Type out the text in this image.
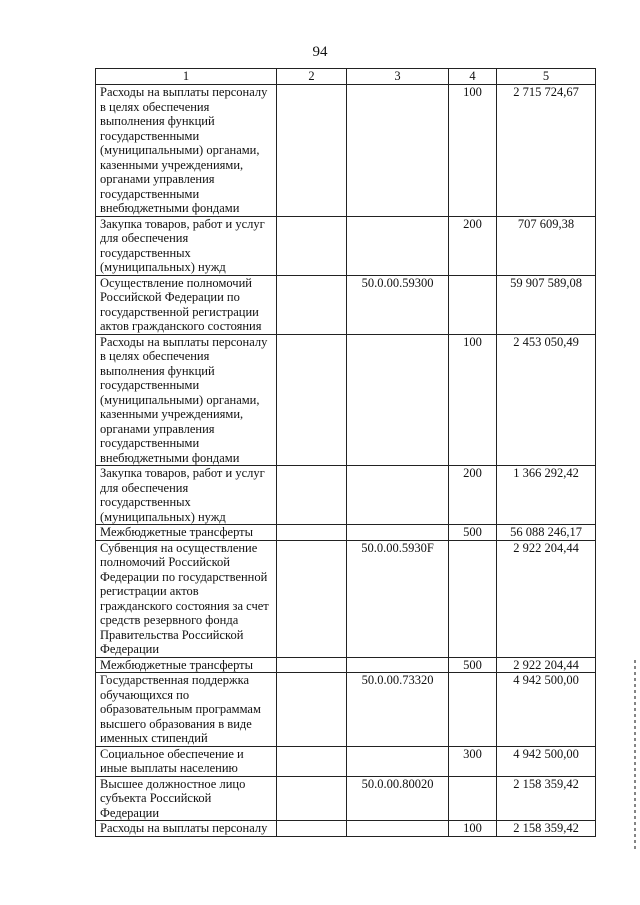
94
1	2	3	4	5
Расходы на выплаты персоналу в целях обеспечения выполнения функций государственными (муниципальными) органами, казенными учреждениями, органами управления государственными внебюджетными фондами			100	2 715 724,67
Закупка товаров, работ и услуг для обеспечения государственных (муниципальных) нужд			200	707 609,38
Осуществление полномочий Российской Федерации по государственной регистрации актов гражданского состояния		50.0.00.59300		59 907 589,08
Расходы на выплаты персоналу в целях обеспечения выполнения функций государственными (муниципальными) органами, казенными учреждениями, органами управления государственными внебюджетными фондами			100	2 453 050,49
Закупка товаров, работ и услуг для обеспечения государственных (муниципальных) нужд			200	1 366 292,42
Межбюджетные трансферты			500	56 088 246,17
Субвенция на осуществление полномочий Российской Федерации по государственной регистрации актов гражданского состояния за счет средств резервного фонда Правительства Российской Федерации		50.0.00.5930F		2 922 204,44
Межбюджетные трансферты			500	2 922 204,44
Государственная поддержка обучающихся по образовательным программам высшего образования в виде именных стипендий		50.0.00.73320		4 942 500,00
Социальное обеспечение и иные выплаты населению			300	4 942 500,00
Высшее должностное лицо субъекта Российской Федерации		50.0.00.80020		2 158 359,42
Расходы на выплаты персоналу			100	2 158 359,42
